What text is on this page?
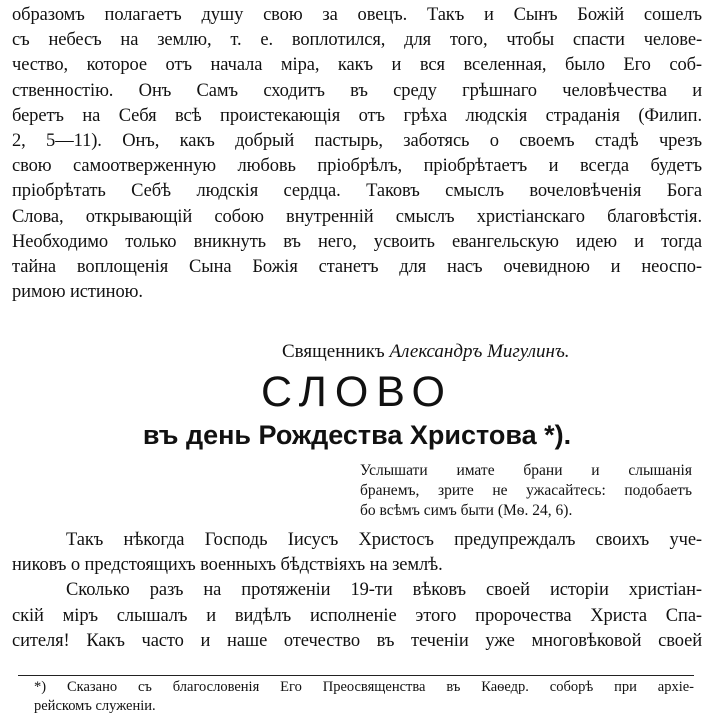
образомъ полагаетъ душу свою за овецъ. Такъ и Сынъ Божій сошелъ
съ небесъ на землю, т. е. воплотился, для того, чтобы спасти челове-
чество, которое отъ начала міра, какъ и вся вселенная, было Его соб-
ственностію. Онъ Самъ сходитъ въ среду грѣшнаго человѣчества и
беретъ на Себя всѣ проистекающія отъ грѣха людскія страданія (Филип.
2, 5—11). Онъ, какъ добрый пастырь, заботясь о своемъ стадѣ чрезъ
свою самоотверженную любовь пріобрѣлъ, пріобрѣтаетъ и всегда будетъ
пріобрѣтать Себѣ людскія сердца. Таковъ смыслъ вочеловѣченія Бога
Слова, открывающій собою внутренній смыслъ христіанскаго благовѣстія.
Необходимо только вникнуть въ него, усвоить евангельскую идею и тогда
тайна воплощенія Сына Божія станетъ для насъ очевидною и неоспо-
римою истиною.
Священникъ Александръ Мигулинъ.
СЛОВО
въ день Рождества Христова *).
Услышати имате брани и слышанія
бранемъ, зрите не ужасайтесь: подобаетъ
бо всѣмъ симъ быти (Мѳ. 24, 6).
Такъ нѣкогда Господь Іисусъ Христосъ предупреждалъ своихъ уче-
никовъ о предстоящихъ военныхъ бѣдствіяхъ на землѣ.
Сколько разъ на протяженіи 19-ти вѣковъ своей исторіи христіан-
скій міръ слышалъ и видѣлъ исполненіе этого пророчества Христа Спа-
сителя! Какъ часто и наше отечество въ теченіи уже многовѣковой своей
*) Сказано съ благословенія Его Преосвященства въ Каѳедр. соборѣ при архіе-
рейскомъ служеніи.
